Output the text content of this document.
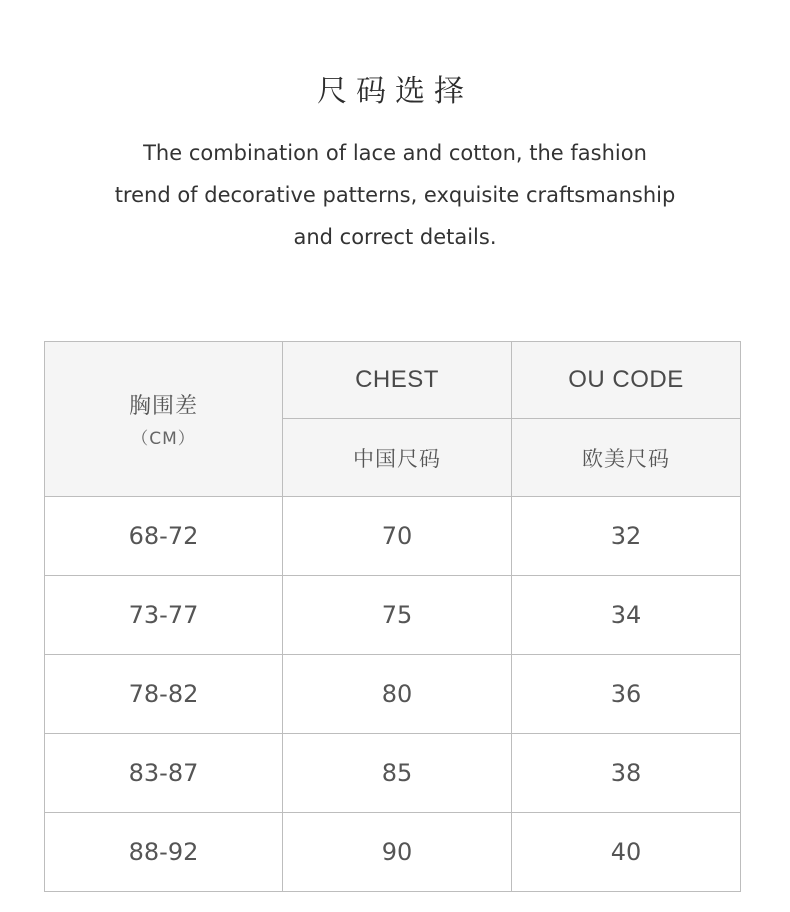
尺码选择
The combination of lace and cotton, the fashion
trend of decorative patterns, exquisite craftsmanship
and correct details.
胸围差
（CM）	CHEST	OU CODE
	中国尺码	欧美尺码
68-72	70	32
73-77	75	34
78-82	80	36
83-87	85	38
88-92	90	40
